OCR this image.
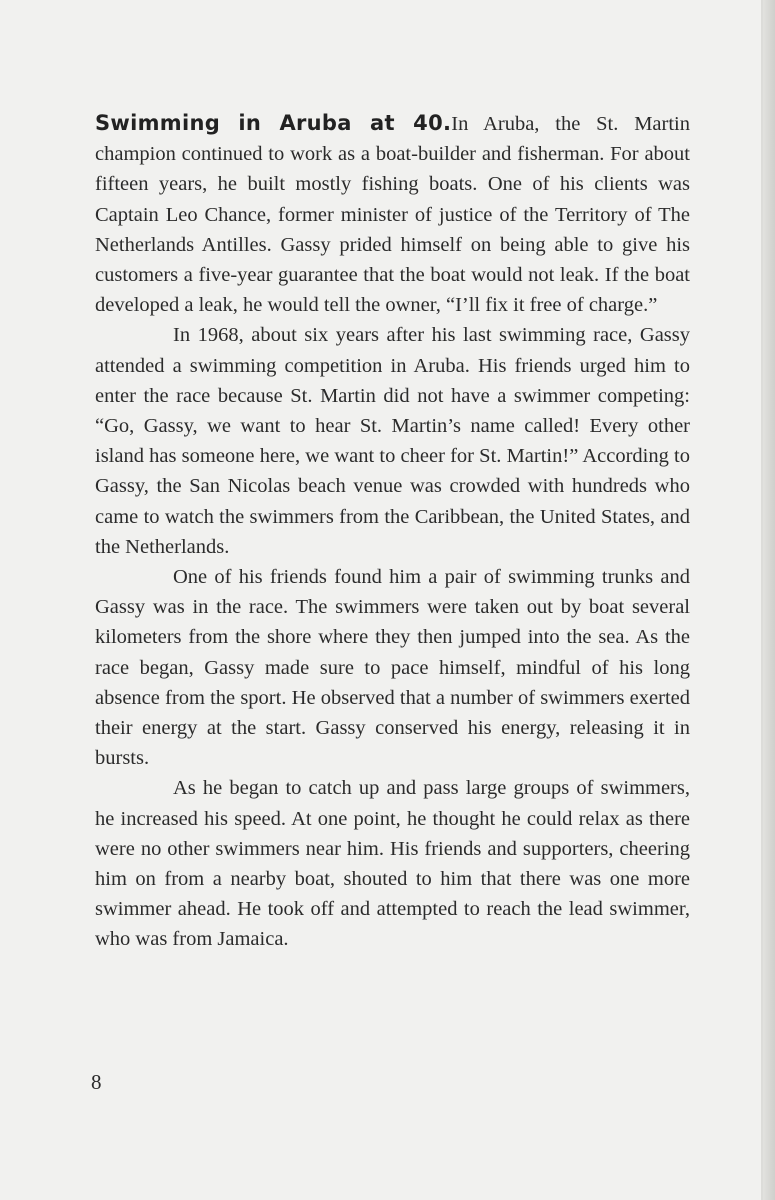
Swimming in Aruba at 40.In Aruba, the St. Martin champion continued to work as a boat-builder and fisherman. For about fifteen years, he built mostly fishing boats. One of his clients was Captain Leo Chance, former minister of justice of the Territory of The Netherlands Antilles. Gassy prided himself on being able to give his customers a five-year guarantee that the boat would not leak. If the boat developed a leak, he would tell the owner, “I’ll fix it free of charge.”

In 1968, about six years after his last swimming race, Gassy attended a swimming competition in Aruba. His friends urged him to enter the race because St. Martin did not have a swimmer competing: “Go, Gassy, we want to hear St. Martin’s name called! Every other island has someone here, we want to cheer for St. Martin!” According to Gassy, the San Nicolas beach venue was crowded with hundreds who came to watch the swimmers from the Caribbean, the United States, and the Netherlands.

One of his friends found him a pair of swimming trunks and Gassy was in the race. The swimmers were taken out by boat several kilometers from the shore where they then jumped into the sea. As the race began, Gassy made sure to pace himself, mindful of his long absence from the sport. He observed that a number of swimmers exerted their energy at the start. Gassy conserved his energy, releasing it in bursts.

As he began to catch up and pass large groups of swimmers, he increased his speed. At one point, he thought he could relax as there were no other swimmers near him. His friends and supporters, cheering him on from a nearby boat, shouted to him that there was one more swimmer ahead. He took off and attempted to reach the lead swimmer, who was from Jamaica.

8
